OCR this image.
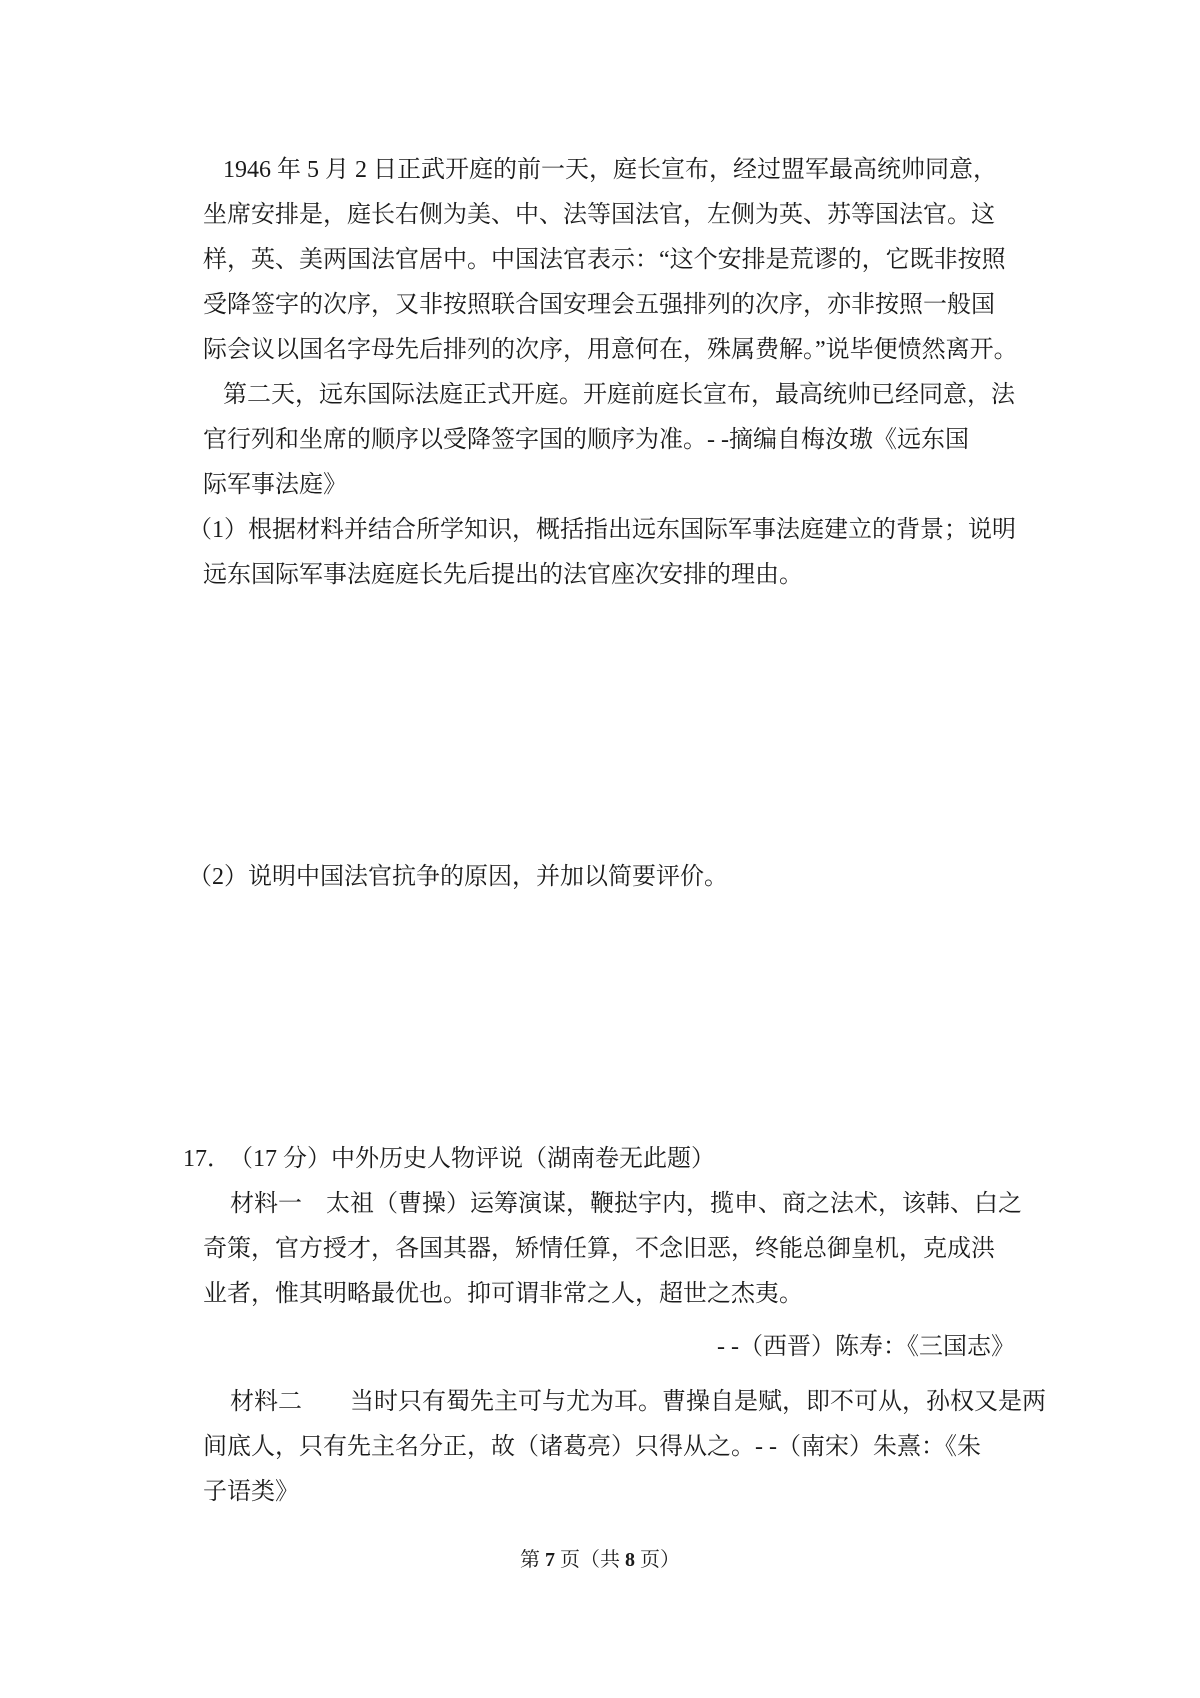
1946 年 5 月 2 日正武开庭的前一天，庭长宣布，经过盟军最高统帅同意，
坐席安排是，庭长右侧为美、中、法等国法官，左侧为英、苏等国法官。这
样，英、美两国法官居中。中国法官表示：“这个安排是荒谬的，它既非按照
受降签字的次序，又非按照联合国安理会五强排列的次序，亦非按照一般国
际会议以国名字母先后排列的次序，用意何在，殊属费解。”说毕便愤然离开。
第二天，远东国际法庭正式开庭。开庭前庭长宣布，最高统帅已经同意，法
官行列和坐席的顺序以受降签字国的顺序为准。- -摘编自梅汝璈《远东国
际军事法庭》
（1）根据材料并结合所学知识，概括指出远东国际军事法庭建立的背景；说明
远东国际军事法庭庭长先后提出的法官座次安排的理由。
（2）说明中国法官抗争的原因，并加以简要评价。
17． （17 分）中外历史人物评说（湖南卷无此题）
材料一　太祖（曹操）运筹演谋，鞭挞宇内，揽申、商之法术，该韩、白之
奇策，官方授才，各国其器，矫情任算，不念旧恶，终能总御皇机，克成洪
业者，惟其明略最优也。抑可谓非常之人，超世之杰夷。
- -（西晋）陈寿：《三国志》
材料二　　当时只有蜀先主可与尤为耳。曹操自是赋，即不可从，孙权又是两
间底人，只有先主名分正，故（诸葛亮）只得从之。- -（南宋）朱熹：《朱
子语类》
第 7 页（共 8 页）
